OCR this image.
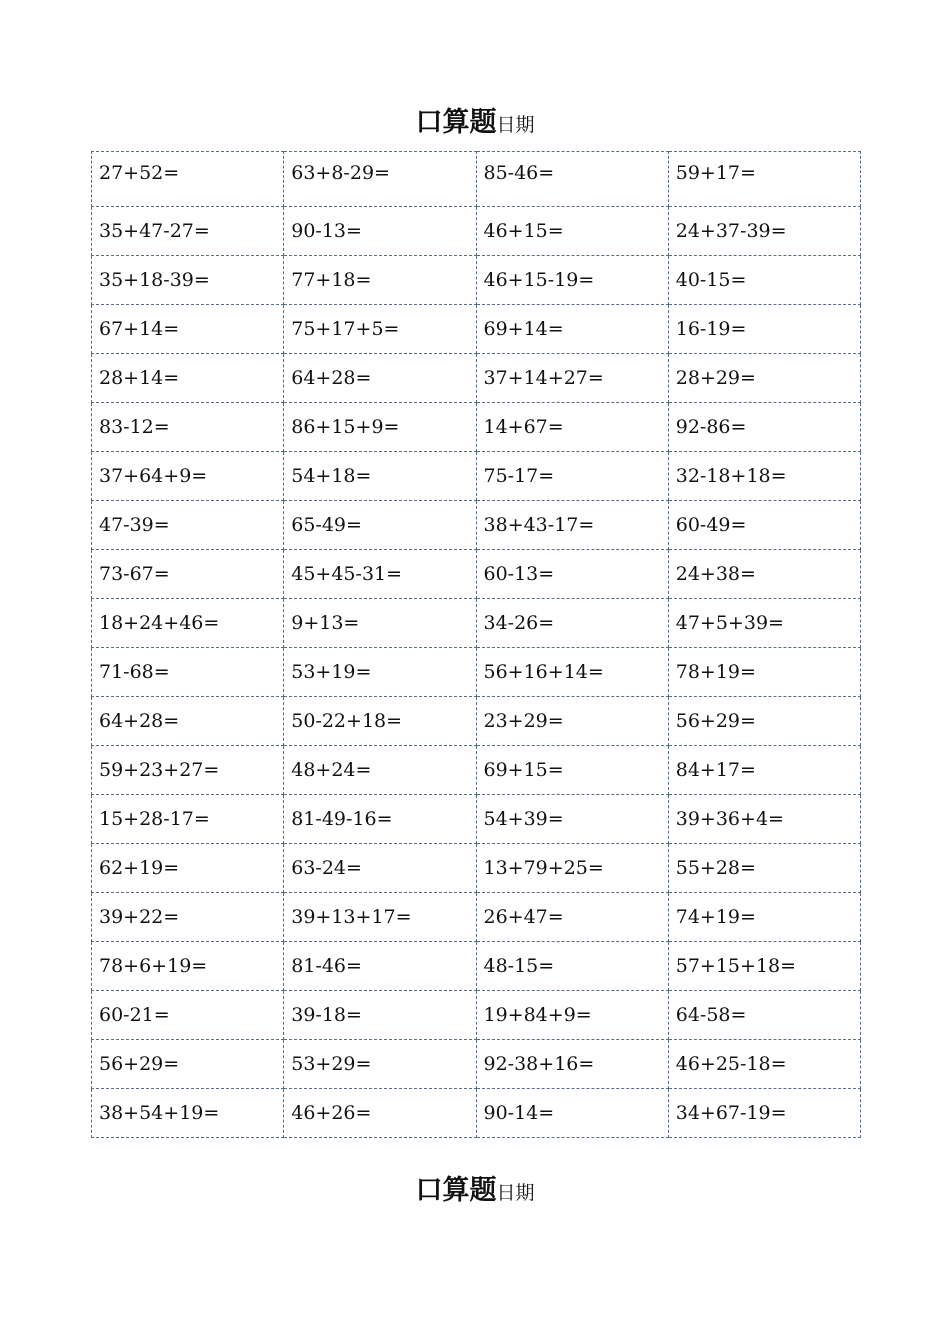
口算题日期
27+52=	63+8-29=	85-46=	59+17=
35+47-27=	90-13=	46+15=	24+37-39=
35+18-39=	77+18=	46+15-19=	40-15=
67+14=	75+17+5=	69+14=	16-19=
28+14=	64+28=	37+14+27=	28+29=
83-12=	86+15+9=	14+67=	92-86=
37+64+9=	54+18=	75-17=	32-18+18=
47-39=	65-49=	38+43-17=	60-49=
73-67=	45+45-31=	60-13=	24+38=
18+24+46=	9+13=	34-26=	47+5+39=
71-68=	53+19=	56+16+14=	78+19=
64+28=	50-22+18=	23+29=	56+29=
59+23+27=	48+24=	69+15=	84+17=
15+28-17=	81-49-16=	54+39=	39+36+4=
62+19=	63-24=	13+79+25=	55+28=
39+22=	39+13+17=	26+47=	74+19=
78+6+19=	81-46=	48-15=	57+15+18=
60-21=	39-18=	19+84+9=	64-58=
56+29=	53+29=	92-38+16=	46+25-18=
38+54+19=	46+26=	90-14=	34+67-19=
口算题日期
